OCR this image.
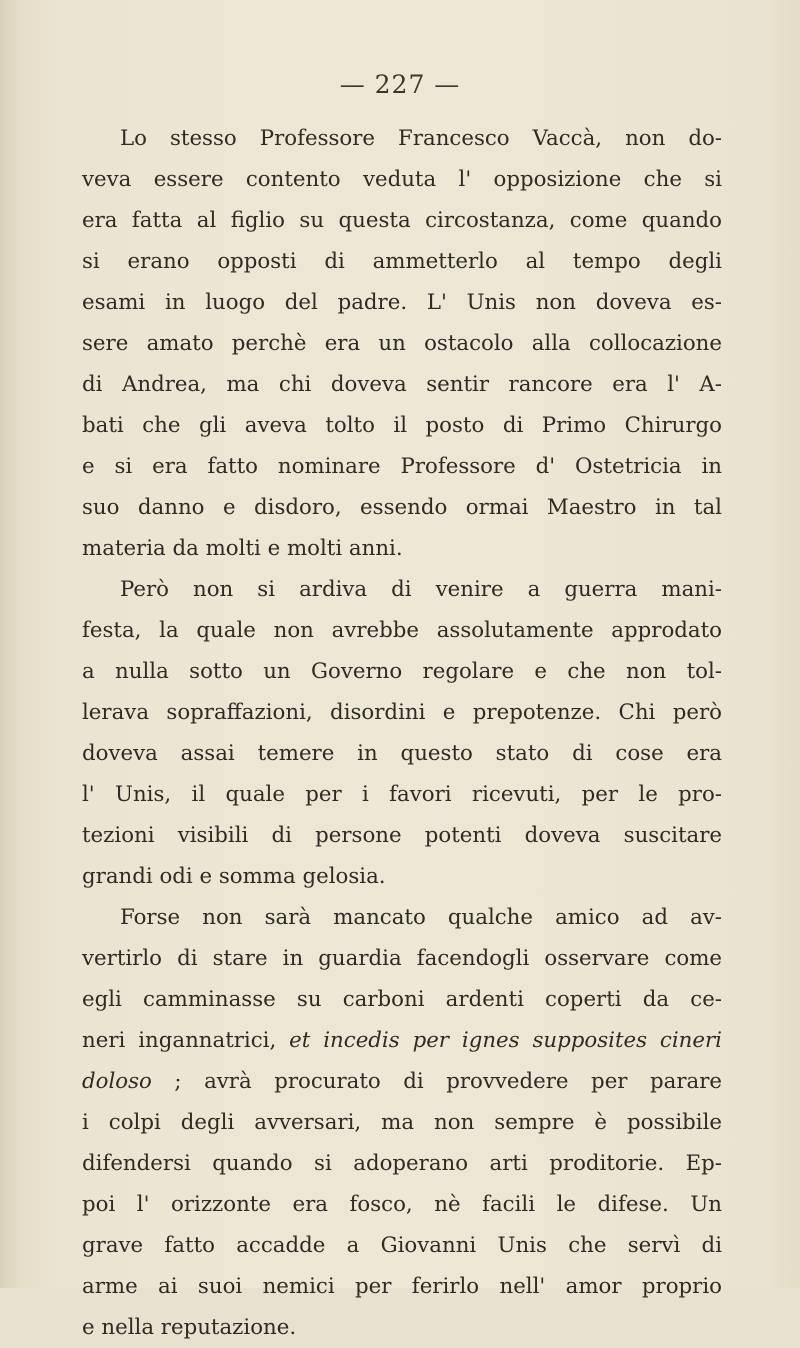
— 227 —
Lo stesso Professore Francesco Vaccà, non do-
veva essere contento veduta l' opposizione che si
era fatta al figlio su questa circostanza, come quando
si erano opposti di ammetterlo al tempo degli
esami in luogo del padre. L' Unis non doveva es-
sere amato perchè era un ostacolo alla collocazione
di Andrea, ma chi doveva sentir rancore era l' A-
bati che gli aveva tolto il posto di Primo Chirurgo
e si era fatto nominare Professore d' Ostetricia in
suo danno e disdoro, essendo ormai Maestro in tal
materia da molti e molti anni.
Però non si ardiva di venire a guerra mani-
festa, la quale non avrebbe assolutamente approdato
a nulla sotto un Governo regolare e che non tol-
lerava sopraffazioni, disordini e prepotenze. Chi però
doveva assai temere in questo stato di cose era
l' Unis, il quale per i favori ricevuti, per le pro-
tezioni visibili di persone potenti doveva suscitare
grandi odi e somma gelosia.
Forse non sarà mancato qualche amico ad av-
vertirlo di stare in guardia facendogli osservare come
egli camminasse su carboni ardenti coperti da ce-
neri ingannatrici, et incedis per ignes supposites cineri
doloso ; avrà procurato di provvedere per parare
i colpi degli avversari, ma non sempre è possibile
difendersi quando si adoperano arti proditorie. Ep-
poi l' orizzonte era fosco, nè facili le difese. Un
grave fatto accadde a Giovanni Unis che servì di
arme ai suoi nemici per ferirlo nell' amor proprio
e nella reputazione.
